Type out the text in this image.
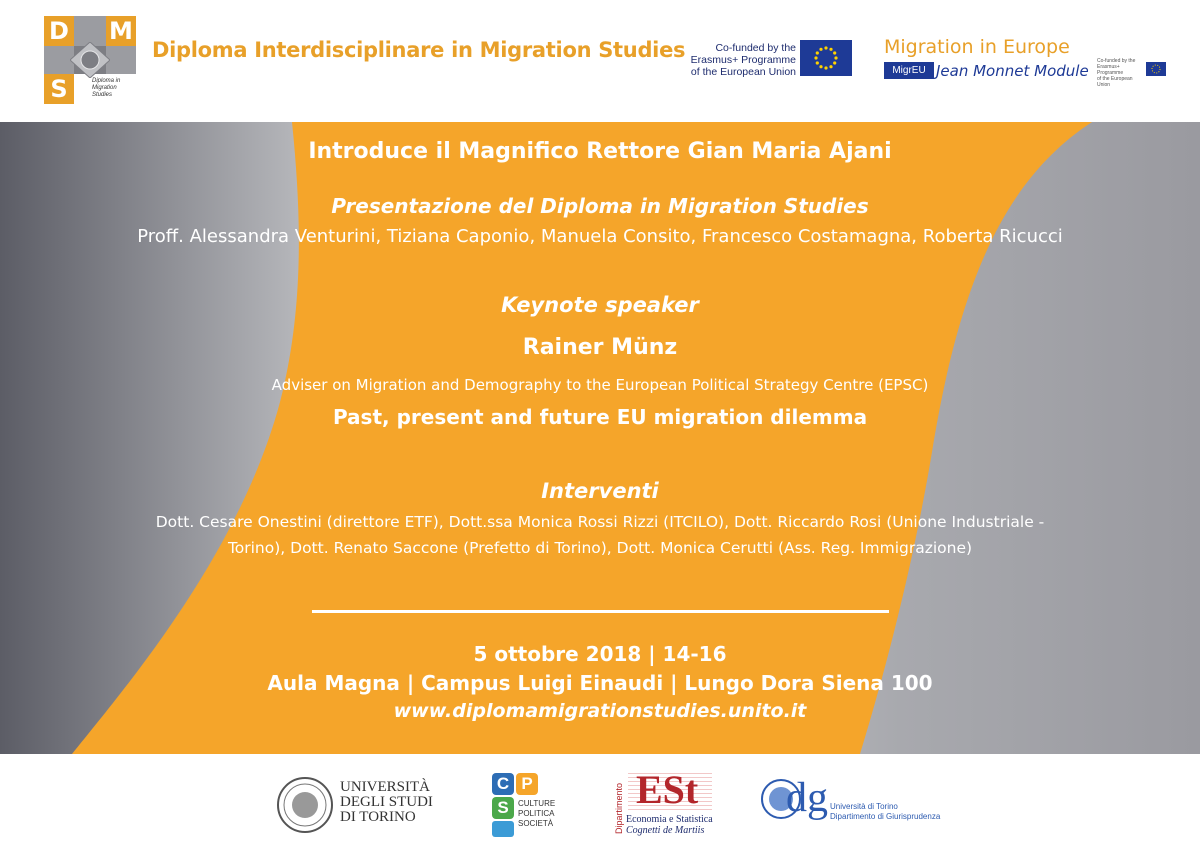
D M
S	Diploma in
Migration
Studies
Diploma Interdisciplinare in Migration Studies	Co-funded by the
Erasmus+ Programme
of the European Union
Migration in Europe
MigrEU Jean Monnet Module
Co-funded by the
Erasmus+ Programme
of the European Union
Introduce il Magnifico Rettore Gian Maria Ajani
Presentazione del Diploma in Migration Studies
Proff. Alessandra Venturini, Tiziana Caponio, Manuela Consito, Francesco Costamagna, Roberta Ricucci
Keynote speaker
Rainer Münz
Adviser on Migration and Demography to the European Political Strategy Centre (EPSC)
Past, present and future EU migration dilemma
Interventi
Dott. Cesare Onestini (direttore ETF), Dott.ssa Monica Rossi Rizzi (ITCILO), Dott. Riccardo Rosi (Unione Industriale -
Torino), Dott. Renato Saccone (Prefetto di Torino), Dott. Monica Cerutti (Ass. Reg. Immigrazione)
5 ottobre 2018 | 14-16
Aula Magna | Campus Luigi Einaudi | Lungo Dora Siena 100
www.diplomamigrationstudies.unito.it
UNIVERSITÀ
DEGLI STUDI
DI TORINO
C P
S	CULTURE
POLITICA
SOCIETÀ	Dipartimento ESt
Economia e Statistica
Cognetti de Martiis
dg Università di Torino
Dipartimento di Giurisprudenza
